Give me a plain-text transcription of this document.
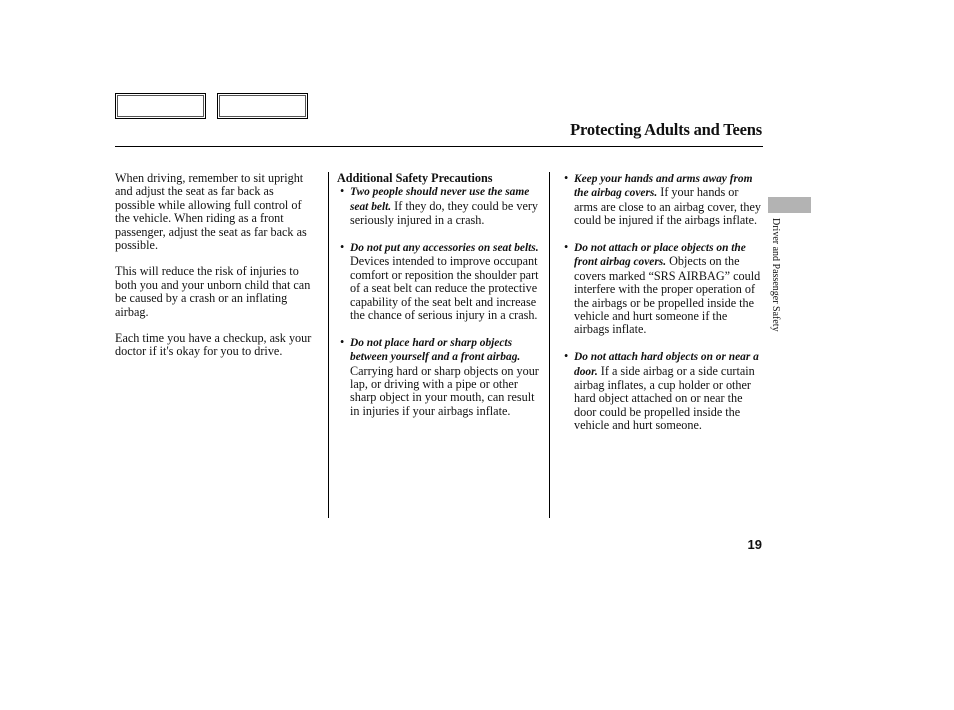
Protecting Adults and Teens

When driving, remember to sit upright and adjust the seat as far back as possible while allowing full control of the vehicle. When riding as a front passenger, adjust the seat as far back as possible.

This will reduce the risk of injuries to both you and your unborn child that can be caused by a crash or an inflating airbag.

Each time you have a checkup, ask your doctor if it's okay for you to drive.

Additional Safety Precautions
• Two people should never use the same seat belt. If they do, they could be very seriously injured in a crash.
• Do not put any accessories on seat belts. Devices intended to improve occupant comfort or reposition the shoulder part of a seat belt can reduce the protective capability of the seat belt and increase the chance of serious injury in a crash.
• Do not place hard or sharp objects between yourself and a front airbag. Carrying hard or sharp objects on your lap, or driving with a pipe or other sharp object in your mouth, can result in injuries if your airbags inflate.
• Keep your hands and arms away from the airbag covers. If your hands or arms are close to an airbag cover, they could be injured if the airbags inflate.
• Do not attach or place objects on the front airbag covers. Objects on the covers marked “SRS AIRBAG” could interfere with the proper operation of the airbags or be propelled inside the vehicle and hurt someone if the airbags inflate.
• Do not attach hard objects on or near a door. If a side airbag or a side curtain airbag inflates, a cup holder or other hard object attached on or near the door could be propelled inside the vehicle and hurt someone.
Driver and Passenger Safety
19
